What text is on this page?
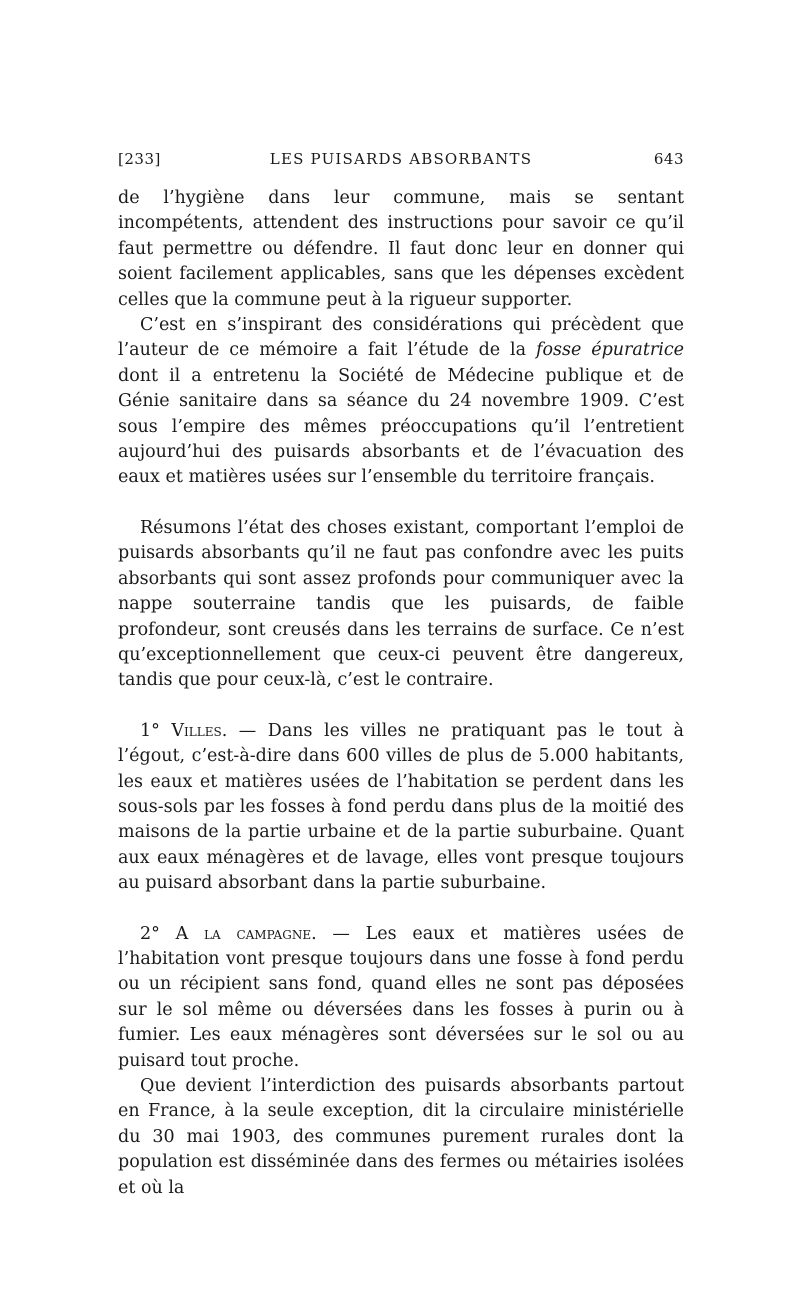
[233]	LES PUISARDS ABSORBANTS	643

de l’hygiène dans leur commune, mais se sentant incompétents, attendent des instructions pour savoir ce qu’il faut permettre ou défendre. Il faut donc leur en donner qui soient facilement applicables, sans que les dépenses excèdent celles que la commune peut à la rigueur supporter.

C’est en s’inspirant des considérations qui précèdent que l’auteur de ce mémoire a fait l’étude de la fosse épuratrice dont il a entretenu la Société de Médecine publique et de Génie sanitaire dans sa séance du 24 novembre 1909. C’est sous l’empire des mêmes préoccupations qu’il l’entretient aujourd’hui des puisards absorbants et de l’évacuation des eaux et matières usées sur l’ensemble du territoire français.

Résumons l’état des choses existant, comportant l’emploi de puisards absorbants qu’il ne faut pas confondre avec les puits absorbants qui sont assez profonds pour communiquer avec la nappe souterraine tandis que les puisards, de faible profondeur, sont creusés dans les terrains de surface. Ce n’est qu’exceptionnellement que ceux-ci peuvent être dangereux, tandis que pour ceux-là, c’est le contraire.

1° Villes. — Dans les villes ne pratiquant pas le tout à l’égout, c’est-à-dire dans 600 villes de plus de 5.000 habitants, les eaux et matières usées de l’habitation se perdent dans les sous-sols par les fosses à fond perdu dans plus de la moitié des maisons de la partie urbaine et de la partie suburbaine. Quant aux eaux ménagères et de lavage, elles vont presque toujours au puisard absorbant dans la partie suburbaine.

2° A la campagne. — Les eaux et matières usées de l’habitation vont presque toujours dans une fosse à fond perdu ou un récipient sans fond, quand elles ne sont pas déposées sur le sol même ou déversées dans les fosses à purin ou à fumier. Les eaux ménagères sont déversées sur le sol ou au puisard tout proche.

Que devient l’interdiction des puisards absorbants partout en France, à la seule exception, dit la circulaire ministérielle du 30 mai 1903, des communes purement rurales dont la population est disséminée dans des fermes ou métairies isolées et où la
